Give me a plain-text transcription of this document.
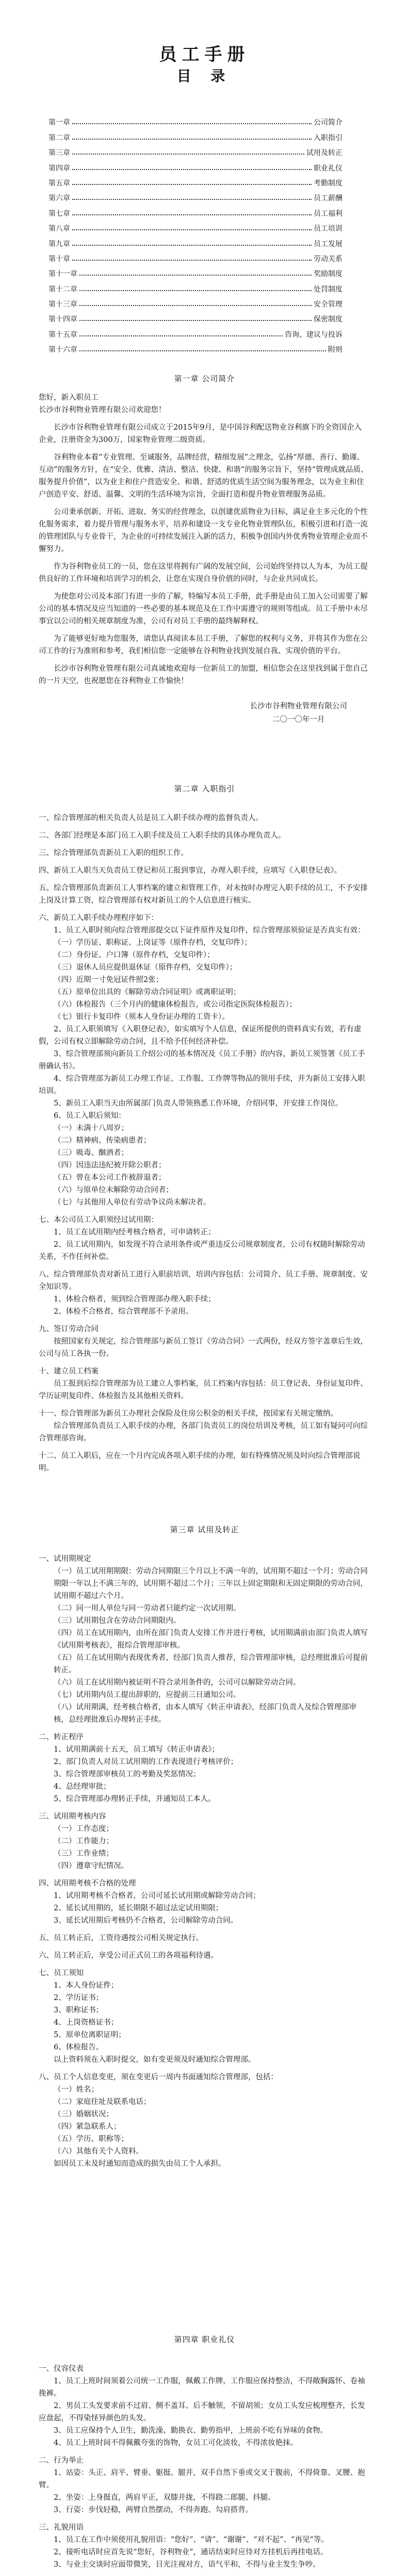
员工手册
目 录
第一章	公司简介
第二章	入职指引
第三章	试用及转正
第四章	职业礼仪
第五章	考勤制度
第六章	员工薪酬
第七章	员工福利
第八章	员工培训
第九章	员工发展
第十章	劳动关系
第十一章	奖励制度
第十二章	处罚制度
第十三章	安全管理
第十四章	保密制度
第十五章	咨询、建议与投诉
第十六章	附则
第一章 公司简介

您好，新入职员工

长沙市谷利物业管理有限公司欢迎您！

长沙市谷利物业管理有限公司成立于2015年9月，是中国谷利配送物业谷利旗下的全资国企入企业，注册资金为300万，国家物业管理二级资质。

谷利物业本着“专业管理、至诚服务，品牌经营，精细发展”之理念，弘扬“厚德、善行、勤谨、互动”的服务方针，在“安全、优雅、清洁、整洁、快捷、和谐”的服务宗旨下，坚持“管理成就品质、服务提升价值”，以为业主和住户营造安全、和谐、舒适的优质生活空间为服务理念，以为业主和住户创造平安、舒适、温馨、文明的生活环境为宗旨，全面打造和提升物业管理服务品质。

公司秉承创新、开拓、进取、务实的经营理念，以创建优质物业为目标，满足业主多元化的个性化服务需求，着力提升管理与服务水平，培养和建设一支专业化物业管理队伍，积极引进和打造一流的管理团队与专业骨干，为企业的可持续发展注入新的活力，积极争创国内外优秀物业管理企业而不懈努力。

作为谷利物业员工的一员，您在这里将拥有广阔的发展空间，公司始终坚持以人为本，为员工提供良好的工作环境和培训学习的机会，让您在实现自身价值的同时，与企业共同成长。

为使您对公司及本部门有进一步的了解，特编写本员工手册，此手册是由员工加入公司需要了解公司的基本情况及应当知道的一些必要的基本规范及在工作中需遵守的规则等组成。员工手册中未尽事宜以公司的相关规章制度为准，公司有对员工手册的最终解释权。

为了能够更好地为您服务，请您认真阅读本员工手册，了解您的权利与义务，并将其作为您在公司工作的行为准则和参考，我们相信您一定能够在谷利物业找到发展自我、实现价值的平台。

长沙市谷利物业管理有限公司真诚地欢迎每一位新员工的加盟，相信您会在这里找到属于您自己的一片天空，也祝愿您在谷利物业工作愉快！

长沙市谷利物业管理有限公司
二〇一〇年一月
第二章 入职指引

一、综合管理部的相关负责人员是员工入职手续办理的监督负责人。

二、各部门经理是本部门员工入职手续及员工入职手续的具体办理负责人。

三、综合管理部负责新员工入职的组织工作。

四、新员工入职当天负责员工登记和员工报到事宜，办理入职手续，应填写《入职登记表》。

五、综合管理部负责新员工人事档案的建立和管理工作，对未按时办理完入职手续的员工，不予安排上岗及计算工资，综合管理部有权对新员工的个人信息进行核实。

六、新员工入职手续办理程序如下：

1、员工入职时须向综合管理部提交以下证件原件及复印件，综合管理部须验证是否真实有效：

（一）学历证、职称证、上岗证等（原件存档，交复印件）；

（二）身份证、户口簿（原件存档，交复印件）；

（三）退休人员应提供退休证（原件存档，交复印件）；

（四）近期一寸免冠证件照2张；

（五）原单位出具的《解除劳动合同证明》或离职证明；

（六）体检报告（三个月内的健康体检报告，或公司指定医院体检报告）；

（七）银行卡复印件（须本人身份证办理的工资卡）。

2、员工入职须填写《入职登记表》，如实填写个人信息，保证所提供的资料真实有效，若有虚假，公司有权立即解除劳动合同，且不给予任何经济补偿。

3、综合管理部须向新员工介绍公司的基本情况及《员工手册》的内容，新员工须签署《员工手册确认书》。

4、综合管理部为新员工办理工作证、工作服、工作牌等物品的领用手续，并为新员工安排入职培训。

5、新员工入职当天由所属部门负责人带领熟悉工作环境，介绍同事，并安排工作岗位。

6、员工入职后须知：

（一）未满十八周岁；

（二）精神病、传染病患者；

（三）吸毒、酗酒者；

（四）因违法违纪被开除公职者；

（五）曾在本公司工作被辞退者；

（六）与原单位未解除劳动合同者；

（七）与其他用人单位有劳动争议尚未解决者。

七、本公司员工入职须经过试用期：

1、员工在试用期内经考核合格者，可申请转正；

2、员工试用期内，如发现不符合录用条件或严重违反公司规章制度者，公司有权随时解除劳动关系，不作任何补偿。

八、综合管理部负责对新员工进行入职前培训，培训内容包括：公司简介、员工手册、规章制度、安全知识等。

1、体检合格者，须到综合管理部办理入职手续；

2、体检不合格者，综合管理部不予录用。

九、签订劳动合同

按照国家有关规定，综合管理部与新员工签订《劳动合同》一式两份，经双方签字盖章后生效，公司与员工各执一份。

十、建立员工档案

员工报到后综合管理部为员工建立人事档案，员工档案内容包括：员工登记表、身份证复印件、学历证明复印件、体检报告及其他相关资料。

十一、综合管理部为新员工办理社会保险及住房公积金的相关手续，按国家有关规定缴纳。

综合管理部负责员工入职手续的办理，各部门负责员工的岗位培训及考核，员工如有疑问可向综合管理部咨询。

十二、员工入职后，应在一个月内完成各项入职手续的办理，如有特殊情况须及时向综合管理部说明。

第三章 试用及转正

一、试用期规定

（一）员工试用期期限：劳动合同期限三个月以上不满一年的，试用期不超过一个月；劳动合同期限一年以上不满三年的，试用期不超过二个月；三年以上固定期限和无固定期限的劳动合同，试用期不超过六个月。

（二）同一用人单位与同一劳动者只能约定一次试用期。

（三）试用期包含在劳动合同期限内。

（四）员工在试用期内，由所在部门负责人安排工作并进行考核，试用期满前由部门负责人填写《试用期考核表》，报综合管理部审核。

（五）员工在试用期内表现优秀者，经部门负责人推荐，综合管理部审核，总经理批准后可提前转正。

（六）员工在试用期内被证明不符合录用条件的，公司可以解除劳动合同。

（七）试用期内员工提出辞职的，应提前三日通知公司。

（八）试用期满，经考核合格者，由本人填写《转正申请表》，经部门负责人及综合管理部审核，总经理批准后办理转正手续。

二、转正程序

1、试用期满前十五天，员工填写《转正申请表》；

2、部门负责人对员工试用期的工作表现进行考核评价；

3、综合管理部审核员工的考勤及奖惩情况；

4、总经理审批；

5、综合管理部办理转正手续，并通知员工本人。

三、试用期考核内容

（一）工作态度；

（二）工作能力；

（三）工作业绩；

（四）遵章守纪情况。

四、试用期考核不合格的处理

1、试用期考核不合格者，公司可延长试用期或解除劳动合同；

2、延长试用期的，延长期限不超过法定试用期限；

3、延长试用期后考核仍不合格者，公司解除劳动合同。

五、员工转正后，工资待遇按公司相关规定执行。

六、员工转正后，享受公司正式员工的各项福利待遇。

七、员工须知

1、本人身份证件；

2、学历证书；

3、职称证书；

4、上岗资格证书；

5、原单位离职证明；

6、体检报告。

以上资料须在入职时提交，如有变更须及时通知综合管理部。

八、员工个人信息变更，须在变更后一周内书面通知综合管理部，包括：

（一）姓名；

（二）家庭住址及联系电话；

（三）婚姻状况；

（四）紧急联系人；

（五）学历、职称等；

（六）其他有关个人资料。

如因员工未及时通知而造成的损失由员工个人承担。

第四章 职业礼仪

一、仪容仪表

1、员工上班时间须着公司统一工作服，佩戴工作牌，工作服应保持整洁，不得敞胸露怀、卷袖挽裤。

2、男员工头发要求前不过眉、侧不盖耳、后不触领，不留胡须；女员工头发应梳理整齐，长发应盘起，不得染怪异颜色的头发。

3、员工应保持个人卫生，勤洗澡、勤换衣、勤剪指甲，上班前不吃有异味的食物。

4、员工上班时间不得佩戴夸张的饰物，女员工可化淡妆，不得浓妆艳抹。

二、行为举止

1、站姿：头正、肩平、臂垂、躯挺、腿并，双手自然下垂或交叉于腹前，不得倚靠、叉腰、抱臂。

2、坐姿：上身挺直，两肩平正，双膝并拢，不得跷二郎腿、抖腿。

3、行姿：步伐轻稳，两臂自然摆动，不得奔跑、勾肩搭背。

三、礼貌用语

1、员工在工作中须使用礼貌用语：“您好”、“请”、“谢谢”、“对不起”、“再见”等。

2、接听电话时应首先说“您好，谷利物业”，通话结束时应待对方挂机后再挂电话。

3、与业主交谈时应面带微笑，目光注视对方，语气平和，不得与业主发生争吵。
